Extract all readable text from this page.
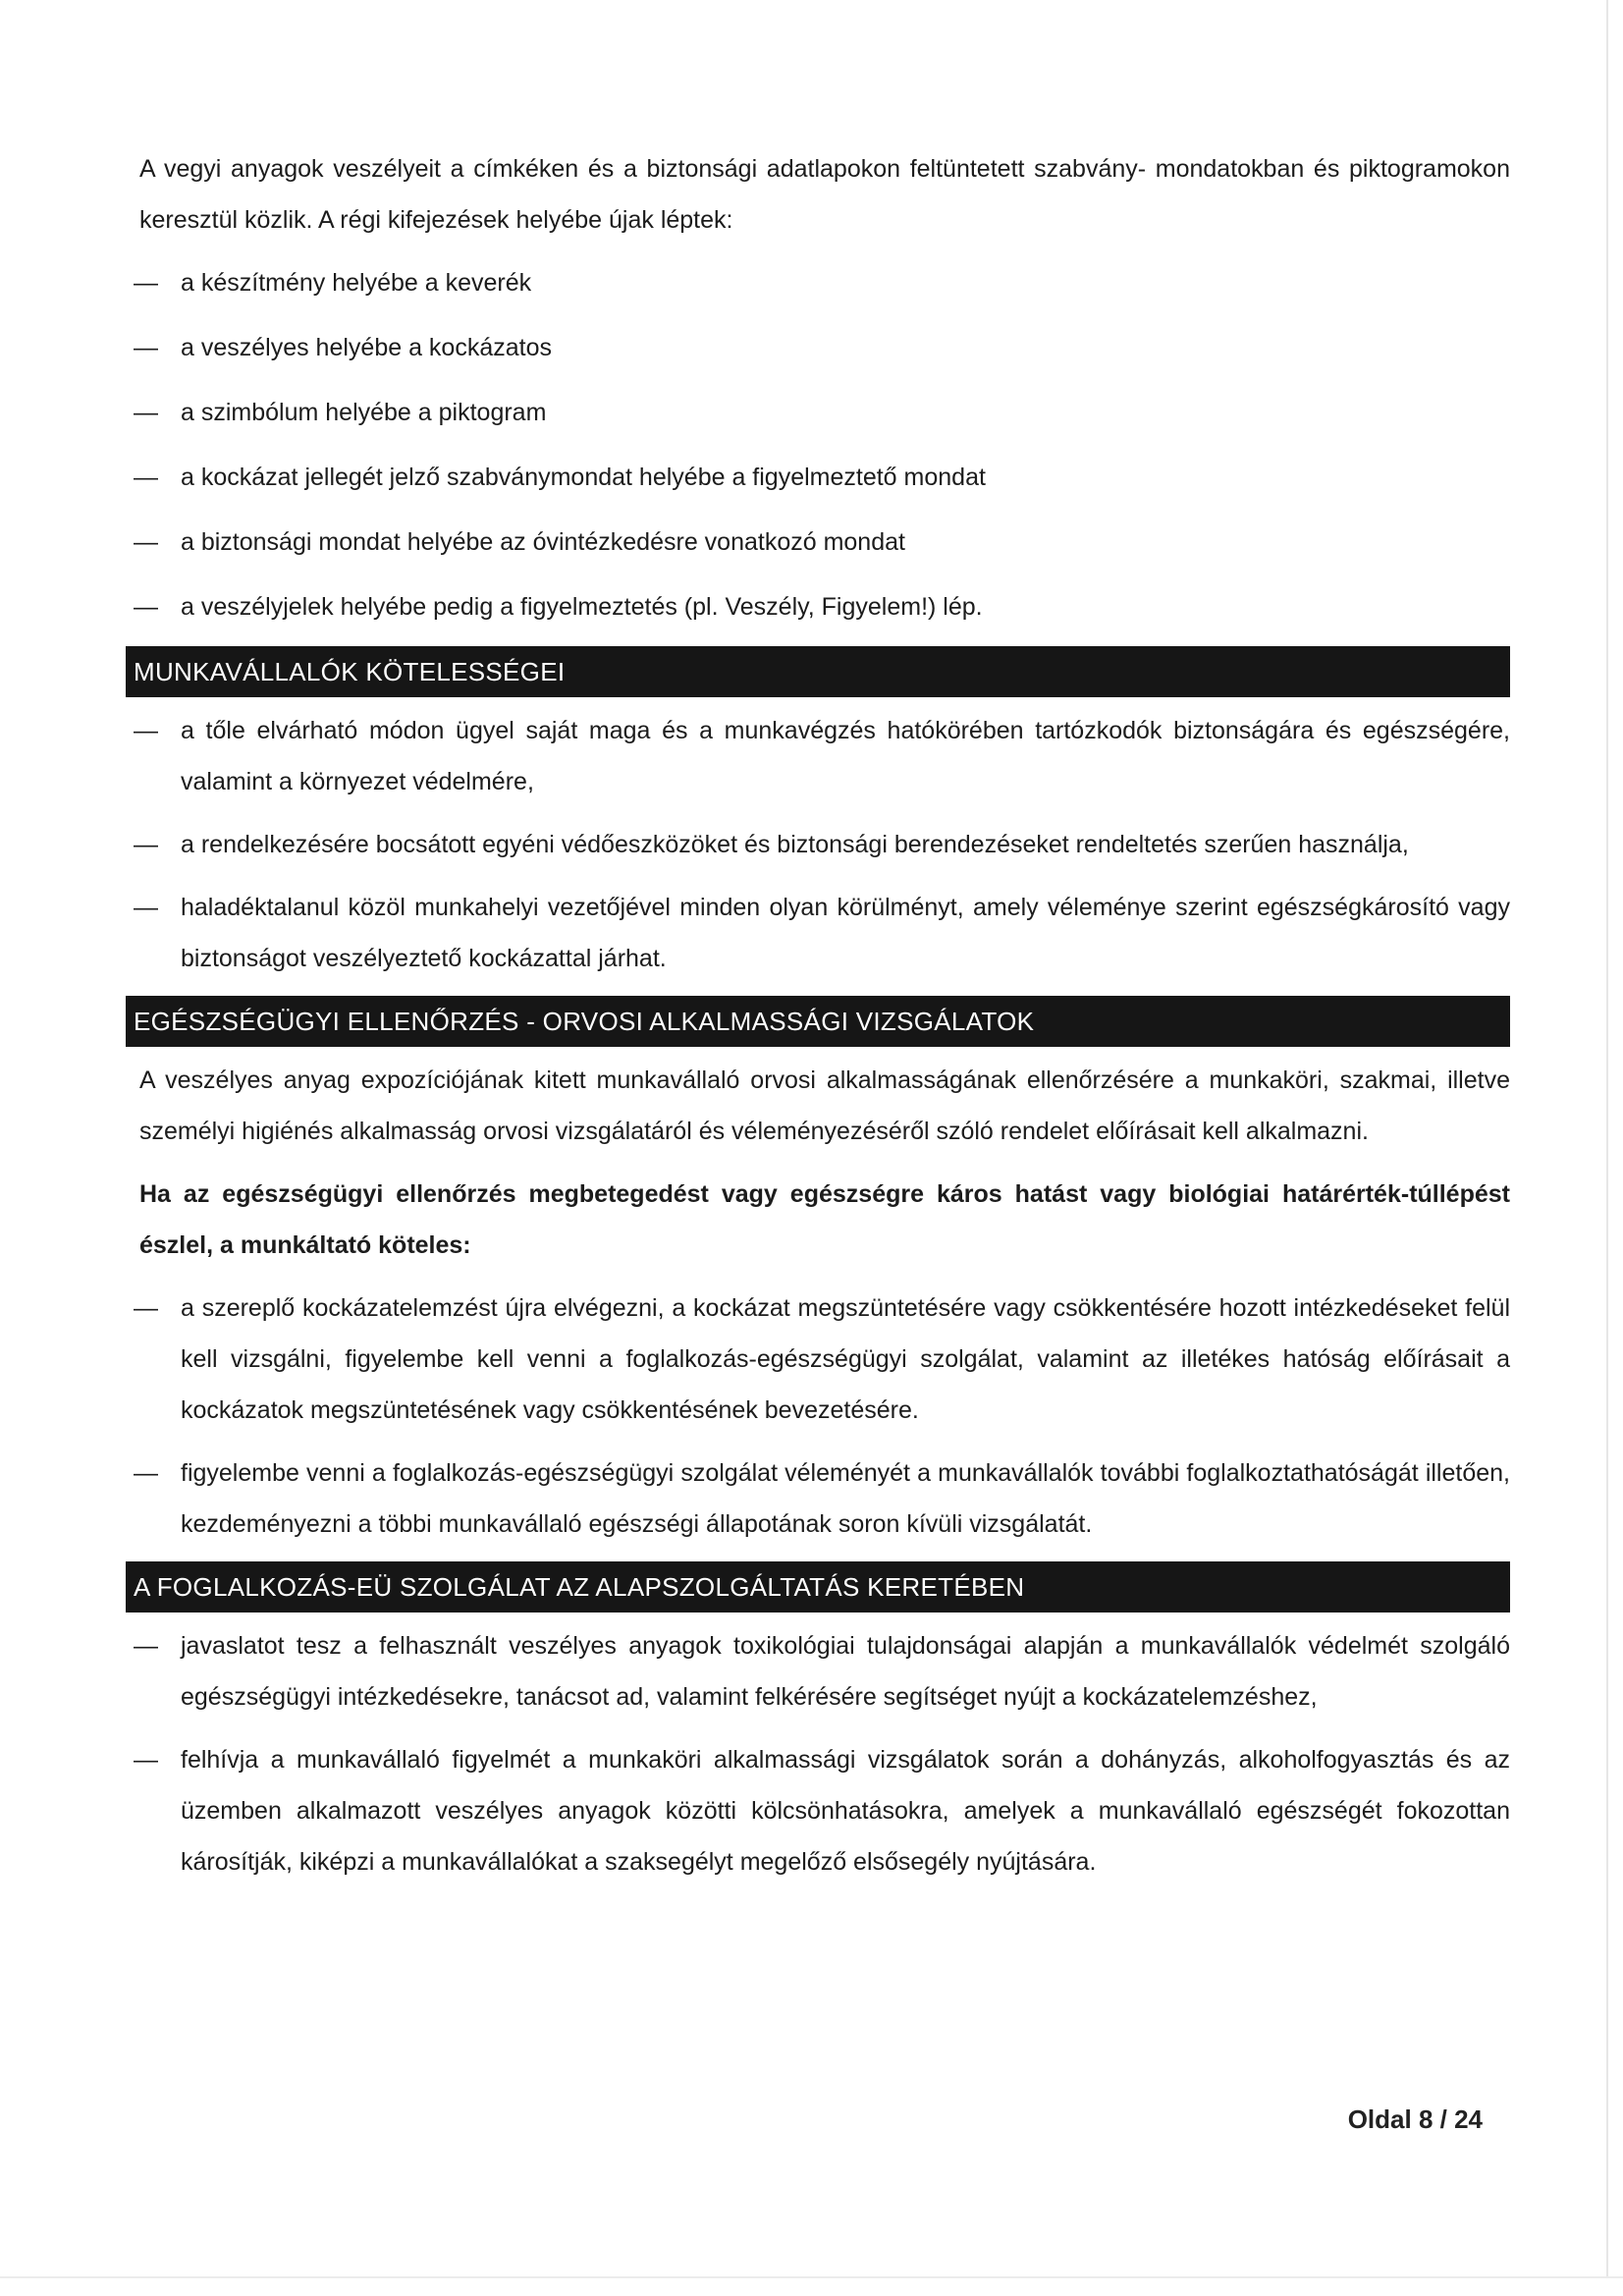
A vegyi anyagok veszélyeit a címkéken és a biztonsági adatlapokon feltüntetett szabvány- mondatokban és piktogramokon keresztül közlik. A régi kifejezések helyébe újak léptek:

— a készítmény helyébe a keverék
— a veszélyes helyébe a kockázatos
— a szimbólum helyébe a piktogram
— a kockázat jellegét jelző szabványmondat helyébe a figyelmeztető mondat
— a biztonsági mondat helyébe az óvintézkedésre vonatkozó mondat
— a veszélyjelek helyébe pedig a figyelmeztetés (pl. Veszély, Figyelem!) lép.
MUNKAVÁLLALÓK KÖTELESSÉGEI
— a tőle elvárható módon ügyel saját maga és a munkavégzés hatókörében tartózkodók biztonságára és egészségére, valamint a környezet védelmére,
— a rendelkezésére bocsátott egyéni védőeszközöket és biztonsági berendezéseket rendeltetés szerűen használja,
— haladéktalanul közöl munkahelyi vezetőjével minden olyan körülményt, amely véleménye szerint egészségkárosító vagy biztonságot veszélyeztető kockázattal járhat.
EGÉSZSÉGÜGYI ELLENŐRZÉS - ORVOSI ALKALMASSÁGI VIZSGÁLATOK

A veszélyes anyag expozíciójának kitett munkavállaló orvosi alkalmasságának ellenőrzésére a munkaköri, szakmai, illetve személyi higiénés alkalmasság orvosi vizsgálatáról és véleményezéséről szóló rendelet előírásait kell alkalmazni.

Ha az egészségügyi ellenőrzés megbetegedést vagy egészségre káros hatást vagy biológiai határérték-túllépést észlel, a munkáltató köteles:

— a szereplő kockázatelemzést újra elvégezni, a kockázat megszüntetésére vagy csökkentésére hozott intézkedéseket felül kell vizsgálni, figyelembe kell venni a foglalkozás-egészségügyi szolgálat, valamint az illetékes hatóság előírásait a kockázatok megszüntetésének vagy csökkentésének bevezetésére.
— figyelembe venni a foglalkozás-egészségügyi szolgálat véleményét a munkavállalók további foglalkoztathatóságát illetően, kezdeményezni a többi munkavállaló egészségi állapotának soron kívüli vizsgálatát.
A FOGLALKOZÁS-EÜ SZOLGÁLAT AZ ALAPSZOLGÁLTATÁS KERETÉBEN
— javaslatot tesz a felhasznált veszélyes anyagok toxikológiai tulajdonságai alapján a munkavállalók védelmét szolgáló egészségügyi intézkedésekre, tanácsot ad, valamint felkérésére segítséget nyújt a kockázatelemzéshez,
— felhívja a munkavállaló figyelmét a munkaköri alkalmassági vizsgálatok során a dohányzás, alkoholfogyasztás és az üzemben alkalmazott veszélyes anyagok közötti kölcsönhatásokra, amelyek a munkavállaló egészségét fokozottan károsítják, kiképzi a munkavállalókat a szaksegélyt megelőző elsősegély nyújtására.
Oldal 8 / 24
